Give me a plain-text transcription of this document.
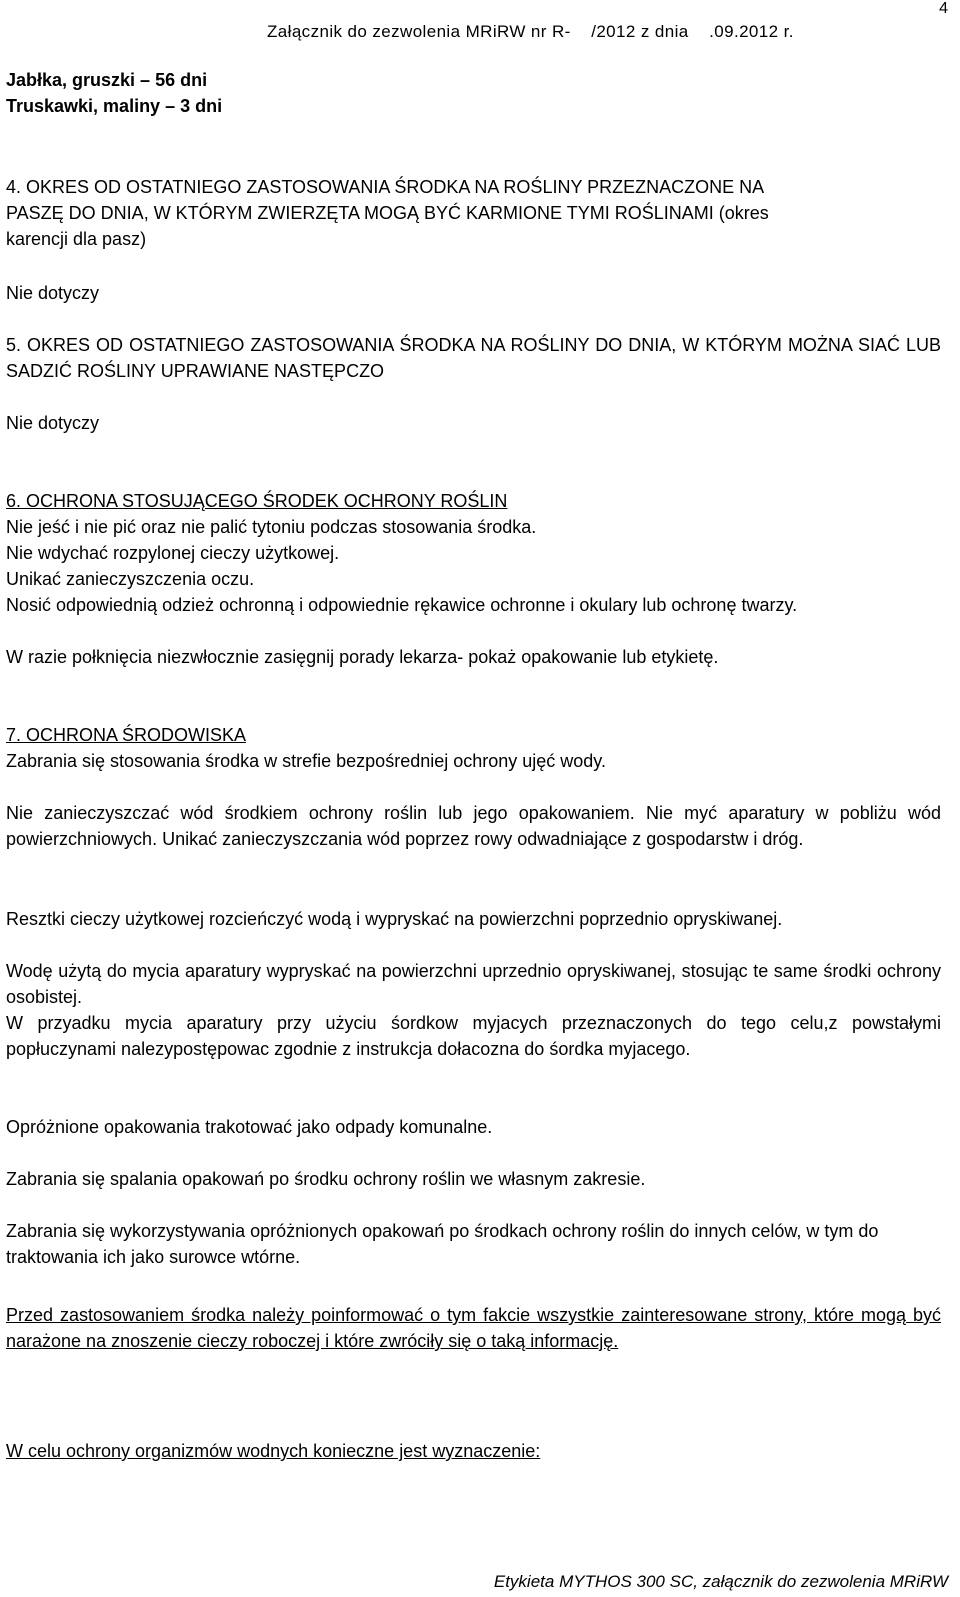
4
Załącznik do zezwolenia MRiRW nr R-    /2012 z dnia    .09.2012 r.
Jabłka, gruszki – 56 dni
Truskawki, maliny – 3 dni
4. OKRES OD OSTATNIEGO ZASTOSOWANIA ŚRODKA NA ROŚLINY PRZEZNACZONE NA PASZĘ DO DNIA, W KTÓRYM ZWIERZĘTA MOGĄ BYĆ KARMIONE TYMI ROŚLINAMI (okres karencji dla pasz)
Nie dotyczy
5. OKRES OD OSTATNIEGO ZASTOSOWANIA ŚRODKA NA ROŚLINY DO DNIA, W KTÓRYM MOŻNA SIAĆ LUB SADZIĆ ROŚLINY UPRAWIANE NASTĘPCZO
Nie dotyczy
6. OCHRONA STOSUJĄCEGO ŚRODEK OCHRONY ROŚLIN
Nie jeść i nie pić oraz nie palić tytoniu podczas stosowania środka.
Nie wdychać rozpylonej cieczy użytkowej.
Unikać zanieczyszczenia oczu.
Nosić odpowiednią odzież ochronną i odpowiednie rękawice ochronne i okulary lub ochronę twarzy.
W razie połknięcia niezwłocznie zasięgnij porady lekarza- pokaż opakowanie lub etykietę.
7. OCHRONA ŚRODOWISKA
Zabrania się stosowania środka w strefie bezpośredniej ochrony ujęć wody.
Nie zanieczyszczać wód środkiem ochrony roślin lub jego opakowaniem. Nie myć aparatury w pobliżu wód powierzchniowych. Unikać zanieczyszczania wód poprzez rowy odwadniające z gospodarstw i dróg.
Resztki cieczy użytkowej rozcieńczyć wodą i wypryskać na powierzchni poprzednio opryskiwanej.
Wodę użytą do mycia aparatury wypryskać na powierzchni uprzednio opryskiwanej, stosując te same środki ochrony osobistej.
W przyadku mycia aparatury przy użyciu śordkow myjacych przeznaczonych do tego celu,z powstałymi popłuczynami nalezypostępowac zgodnie z instrukcja dołacozna do śordka myjacego.
Opróżnione opakowania trakotować jako odpady komunalne.
Zabrania się spalania opakowań po środku ochrony roślin we własnym zakresie.
Zabrania się wykorzystywania opróżnionych opakowań po środkach ochrony roślin do innych celów, w tym do traktowania ich jako surowce wtórne.
Przed zastosowaniem środka należy poinformować o tym fakcie wszystkie zainteresowane strony, które mogą być narażone na znoszenie cieczy roboczej i które zwróciły się o taką informację.
W celu ochrony organizmów wodnych konieczne jest wyznaczenie:
Etykieta MYTHOS 300 SC, załącznik do zezwolenia MRiRW
